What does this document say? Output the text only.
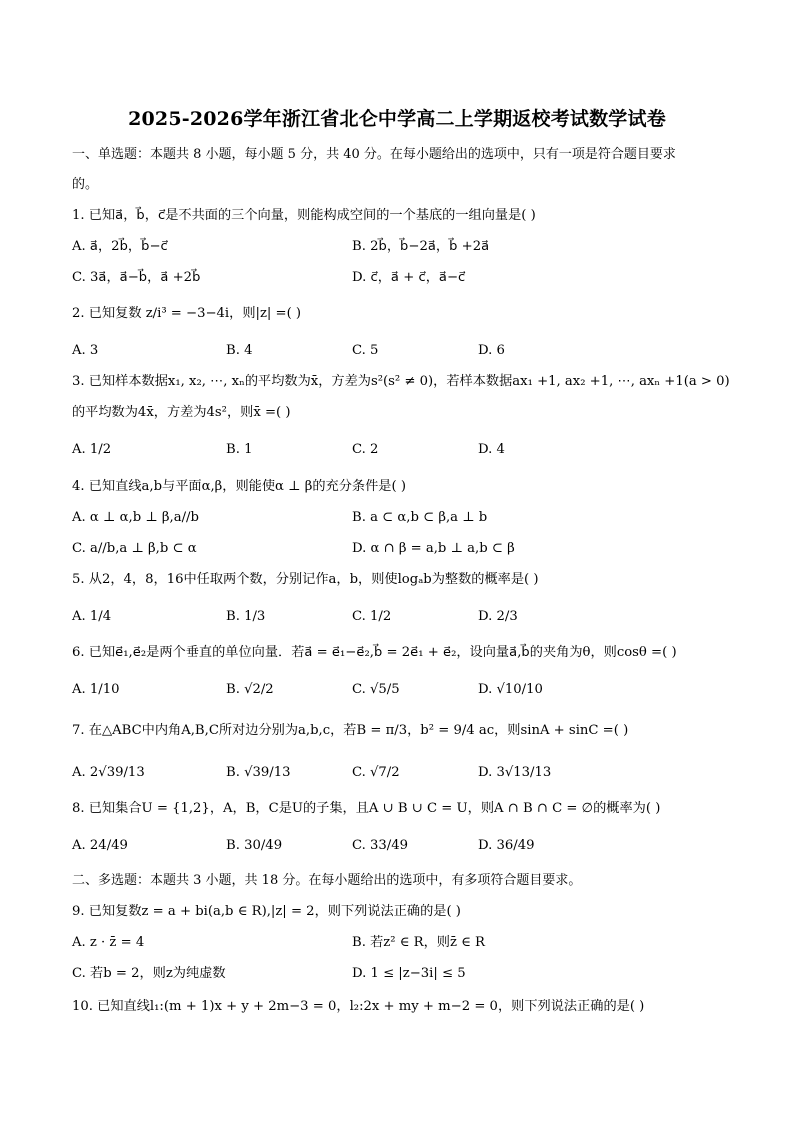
2025-2026学年浙江省北仑中学高二上学期返校考试数学试卷
一、单选题：本题共 8 小题，每小题 5 分，共 40 分。在每小题给出的选项中，只有一项是符合题目要求
的。
1. 已知a⃗，b⃗，c⃗是不共面的三个向量，则能构成空间的一个基底的一组向量是( )
A. a⃗，2b⃗，b⃗−c⃗	B. 2b⃗，b⃗−2a⃗，b⃗ +2a⃗
C. 3a⃗，a⃗−b⃗，a⃗ +2b⃗	D. c⃗，a⃗ + c⃗，a⃗−c⃗
2. 已知复数 z/i³ = −3−4i，则|z| =( )
A. 3	B. 4	C. 5	D. 6
3. 已知样本数据x₁, x₂, ⋯, xₙ的平均数为x̄，方差为s²(s² ≠ 0)，若样本数据ax₁ +1, ax₂ +1, ⋯, axₙ +1(a > 0)
的平均数为4x̄，方差为4s²，则x̄ =( )
A. 1/2	B. 1	C. 2	D. 4
4. 已知直线a,b与平面α,β，则能使α ⊥ β的充分条件是( )
A. α ⊥ α,b ⊥ β,a//b	B. a ⊂ α,b ⊂ β,a ⊥ b
C. a//b,a ⊥ β,b ⊂ α	D. α ∩ β = a,b ⊥ a,b ⊂ β
5. 从2，4，8，16中任取两个数，分别记作a，b，则使logₐb为整数的概率是( )
A. 1/4	B. 1/3	C. 1/2	D. 2/3
6. 已知e⃗₁,e⃗₂是两个垂直的单位向量．若a⃗ = e⃗₁−e⃗₂,b⃗ = 2e⃗₁ + e⃗₂，设向量a⃗,b⃗的夹角为θ，则cosθ =( )
A. 1/10	B. √2/2	C. √5/5	D. √10/10
7. 在△ABC中内角A,B,C所对边分别为a,b,c，若B = π/3，b² = 9/4 ac，则sinA + sinC =( )
A. 2√39/13	B. √39/13	C. √7/2	D. 3√13/13
8. 已知集合U = {1,2}，A，B，C是U的子集，且A ∪ B ∪ C = U，则A ∩ B ∩ C = ∅的概率为( )
A. 24/49	B. 30/49	C. 33/49	D. 36/49
二、多选题：本题共 3 小题，共 18 分。在每小题给出的选项中，有多项符合题目要求。
9. 已知复数z = a + bi(a,b ∈ R),|z| = 2，则下列说法正确的是( )
A. z · z̄ = 4	B. 若z² ∈ R，则z̄ ∈ R
C. 若b = 2，则z为纯虚数	D. 1 ≤ |z−3i| ≤ 5
10. 已知直线l₁:(m + 1)x + y + 2m−3 = 0，l₂:2x + my + m−2 = 0，则下列说法正确的是( )
